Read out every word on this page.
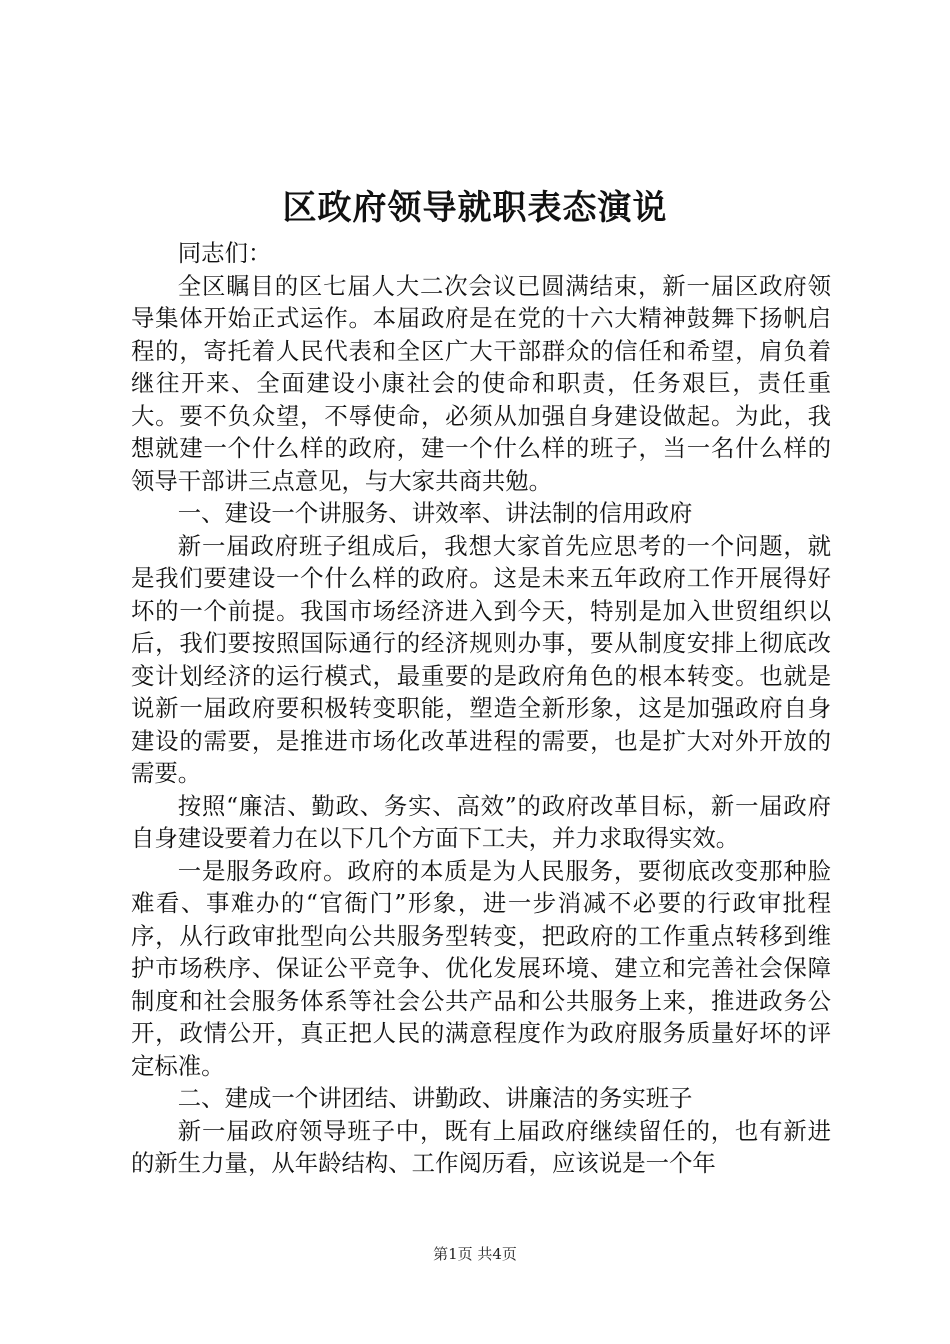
区政府领导就职表态演说

同志们：

全区瞩目的区七届人大二次会议已圆满结束，新一届区政府领导集体开始正式运作。本届政府是在党的十六大精神鼓舞下扬帆启程的，寄托着人民代表和全区广大干部群众的信任和希望，肩负着继往开来、全面建设小康社会的使命和职责，任务艰巨，责任重大。要不负众望，不辱使命，必须从加强自身建设做起。为此，我想就建一个什么样的政府，建一个什么样的班子，当一名什么样的领导干部讲三点意见，与大家共商共勉。

一、建设一个讲服务、讲效率、讲法制的信用政府

新一届政府班子组成后，我想大家首先应思考的一个问题，就是我们要建设一个什么样的政府。这是未来五年政府工作开展得好坏的一个前提。我国市场经济进入到今天，特别是加入世贸组织以后，我们要按照国际通行的经济规则办事，要从制度安排上彻底改变计划经济的运行模式，最重要的是政府角色的根本转变。也就是说新一届政府要积极转变职能，塑造全新形象，这是加强政府自身建设的需要，是推进市场化改革进程的需要，也是扩大对外开放的需要。

按照“廉洁、勤政、务实、高效”的政府改革目标，新一届政府自身建设要着力在以下几个方面下工夫，并力求取得实效。

一是服务政府。政府的本质是为人民服务，要彻底改变那种脸难看、事难办的“官衙门”形象，进一步消减不必要的行政审批程序，从行政审批型向公共服务型转变，把政府的工作重点转移到维护市场秩序、保证公平竞争、优化发展环境、建立和完善社会保障制度和社会服务体系等社会公共产品和公共服务上来，推进政务公开，政情公开，真正把人民的满意程度作为政府服务质量好坏的评定标准。

二、建成一个讲团结、讲勤政、讲廉洁的务实班子

新一届政府领导班子中，既有上届政府继续留任的，也有新进的新生力量，从年龄结构、工作阅历看，应该说是一个年

第1页 共4页
